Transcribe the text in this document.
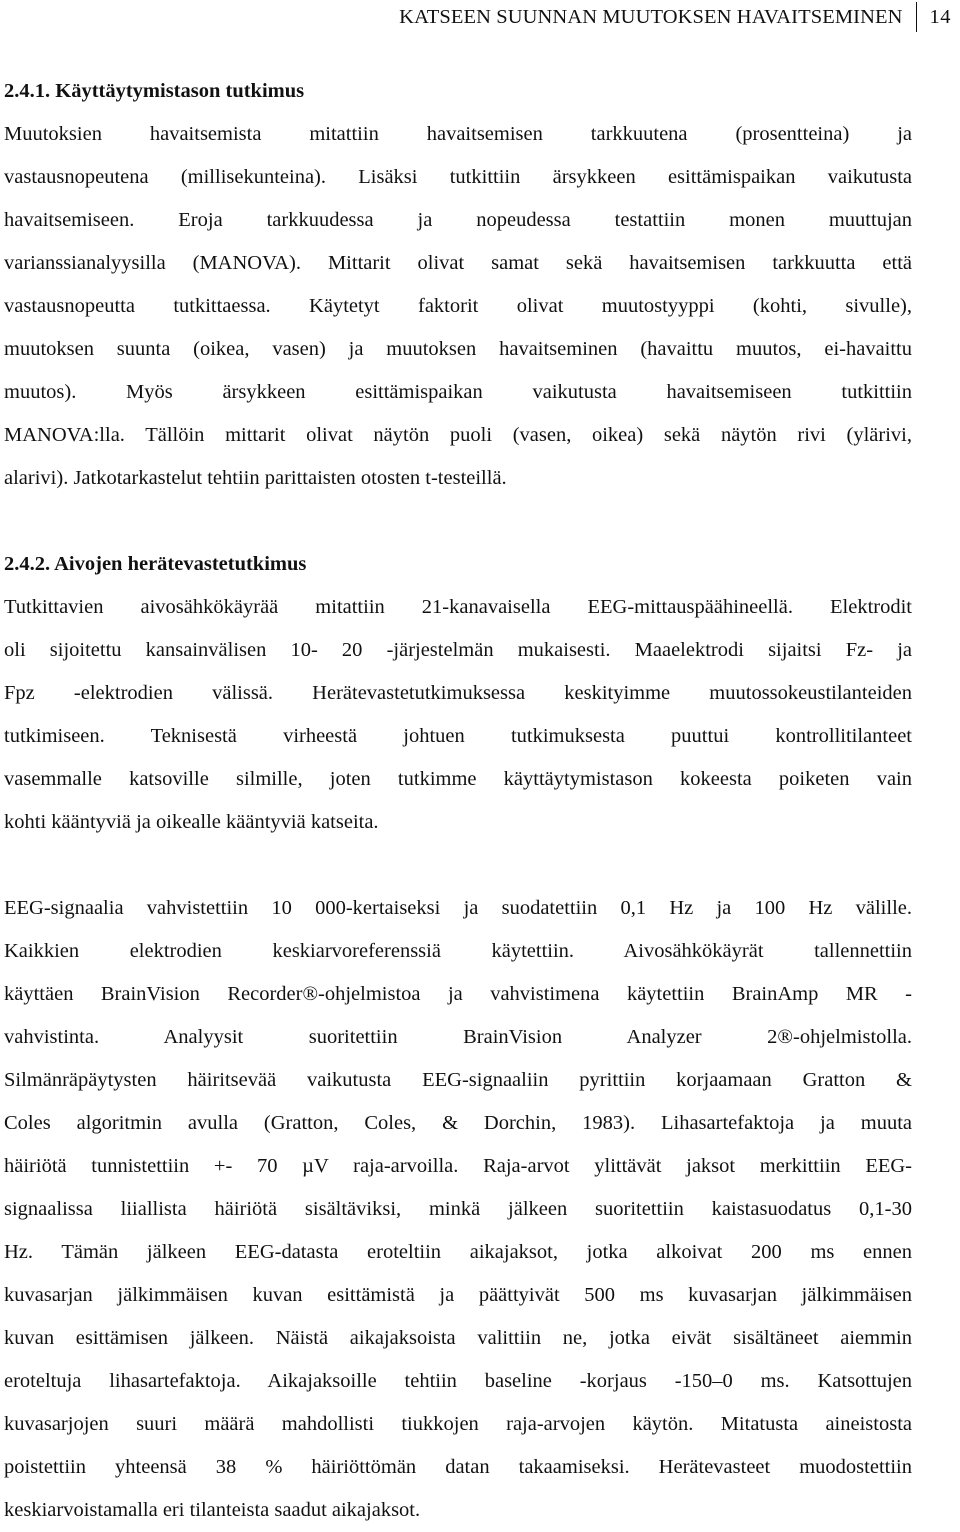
KATSEEN SUUNNAN MUUTOKSEN HAVAITSEMINEN 14
2.4.1. Käyttäytymistason tutkimus

Muutoksien havaitsemista mitattiin havaitsemisen tarkkuutena (prosentteina) ja
vastausnopeutena (millisekunteina). Lisäksi tutkittiin ärsykkeen esittämispaikan vaikutusta
havaitsemiseen. Eroja tarkkuudessa ja nopeudessa testattiin monen muuttujan
varianssianalyysilla (MANOVA). Mittarit olivat samat sekä havaitsemisen tarkkuutta että
vastausnopeutta tutkittaessa. Käytetyt faktorit olivat muutostyyppi (kohti, sivulle),
muutoksen suunta (oikea, vasen) ja muutoksen havaitseminen (havaittu muutos, ei-havaittu
muutos). Myös ärsykkeen esittämispaikan vaikutusta havaitsemiseen tutkittiin
MANOVA:lla. Tällöin mittarit olivat näytön puoli (vasen, oikea) sekä näytön rivi (ylärivi,
alarivi). Jatkotarkastelut tehtiin parittaisten otosten t-testeillä.

2.4.2. Aivojen herätevastetutkimus

Tutkittavien aivosähkökäyrää mitattiin 21-kanavaisella EEG-mittauspäähineellä. Elektrodit
oli sijoitettu kansainvälisen 10- 20 -järjestelmän mukaisesti. Maaelektrodi sijaitsi Fz- ja
Fpz -elektrodien välissä. Herätevastetutkimuksessa keskityimme muutossokeustilanteiden
tutkimiseen. Teknisestä virheestä johtuen tutkimuksesta puuttui kontrollitilanteet
vasemmalle katsoville silmille, joten tutkimme käyttäytymistason kokeesta poiketen vain
kohti kääntyviä ja oikealle kääntyviä katseita.

EEG-signaalia vahvistettiin 10 000-kertaiseksi ja suodatettiin 0,1 Hz ja 100 Hz välille.
Kaikkien elektrodien keskiarvoreferenssiä käytettiin. Aivosähkökäyrät tallennettiin
käyttäen BrainVision Recorder®-ohjelmistoa ja vahvistimena käytettiin BrainAmp MR -
vahvistinta. Analyysit suoritettiin BrainVision Analyzer 2®-ohjelmistolla.
Silmänräpäytysten häiritsevää vaikutusta EEG-signaaliin pyrittiin korjaamaan Gratton &
Coles algoritmin avulla (Gratton, Coles, & Dorchin, 1983). Lihasartefaktoja ja muuta
häiriötä tunnistettiin +- 70 µV raja-arvoilla. Raja-arvot ylittävät jaksot merkittiin EEG-
signaalissa liiallista häiriötä sisältäviksi, minkä jälkeen suoritettiin kaistasuodatus 0,1-30
Hz. Tämän jälkeen EEG-datasta eroteltiin aikajaksot, jotka alkoivat 200 ms ennen
kuvasarjan jälkimmäisen kuvan esittämistä ja päättyivät 500 ms kuvasarjan jälkimmäisen
kuvan esittämisen jälkeen. Näistä aikajaksoista valittiin ne, jotka eivät sisältäneet aiemmin
eroteltuja lihasartefaktoja. Aikajaksoille tehtiin baseline -korjaus -150–0 ms. Katsottujen
kuvasarjojen suuri määrä mahdollisti tiukkojen raja-arvojen käytön. Mitatusta aineistosta
poistettiin yhteensä 38 % häiriöttömän datan takaamiseksi. Herätevasteet muodostettiin
keskiarvoistamalla eri tilanteista saadut aikajaksot.
